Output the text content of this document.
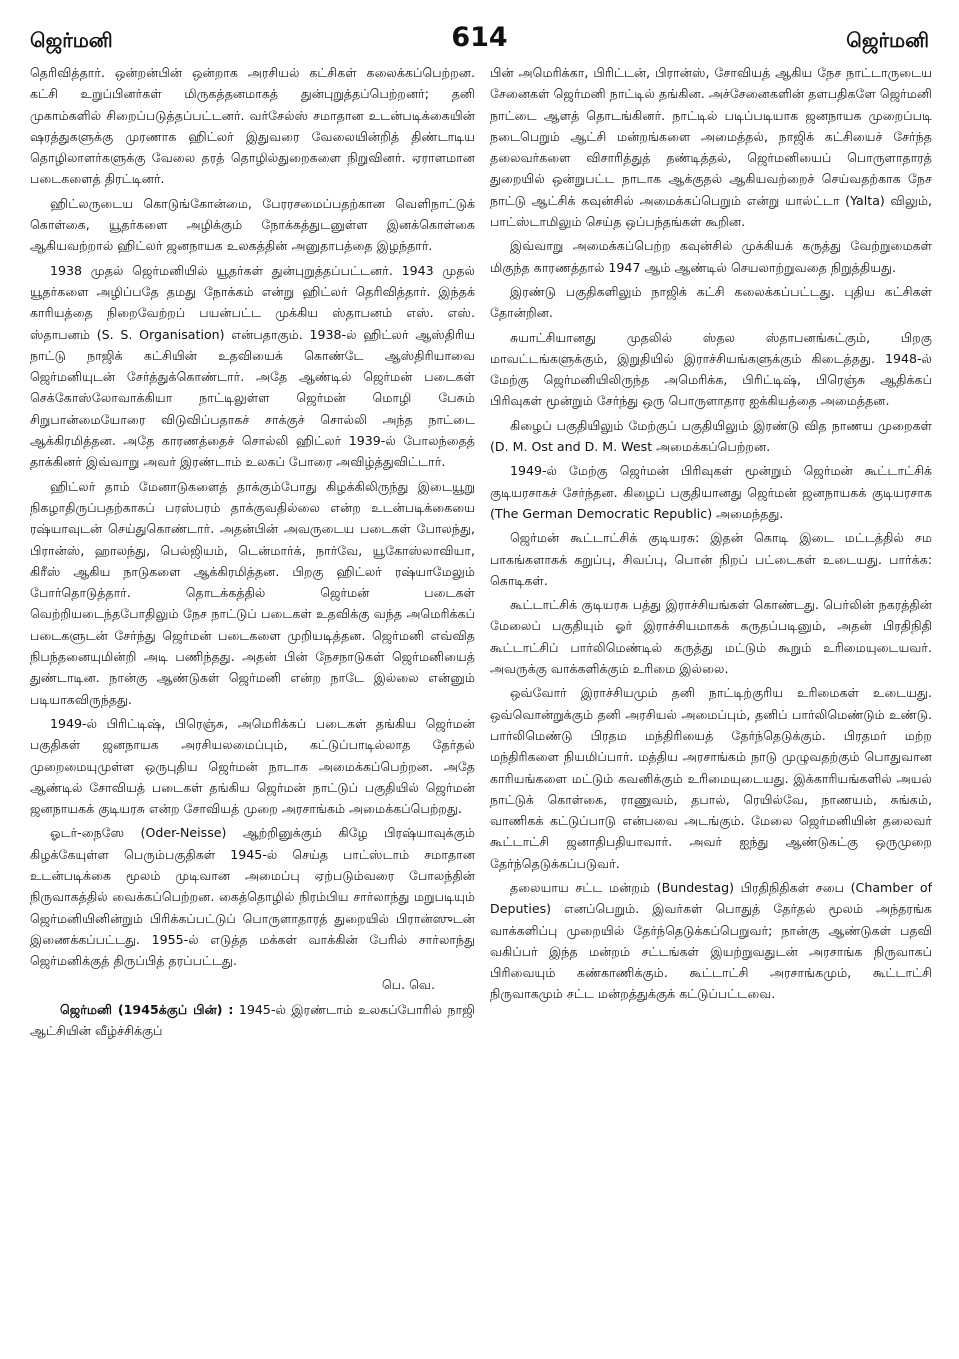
ஜெர்மனி	614	ஜெர்மனி

தெரிவித்தார். ஒன்றன்பின் ஒன்றாக அரசியல் கட்சிகள் கலைக்கப்பெற்றன. கட்சி உறுப்பினர்கள் மிருகத்தனமாகத் துன்புறுத்தப்பெற்றனர்; தனி முகாம்களில் சிறைப்படுத்தப்பட்டனர். வர்சேல்ஸ் சமாதான உடன்படிக்கையின் ஷரத்துகளுக்கு முரணாக ஹிட்லர் இதுவரை வேலையின்றித் திண்டாடிய தொழிலாளர்களுக்கு வேலை தரத் தொழில்துறைகளை நிறுவினர். ஏராளமான படைகளைத் திரட்டினர்.

ஹிட்லருடைய கொடுங்கோன்மை, பேரரசமைப்பதற்கான வெளிநாட்டுக் கொள்கை, யூதர்களை அழிக்கும் நோக்கத்துடனுள்ள இனக்கொள்கை ஆகியவற்றால் ஹிட்லர் ஜனநாயக உலகத்தின் அனுதாபத்தை இழந்தார்.

1938 முதல் ஜெர்மனியில் யூதர்கள் துன்புறுத்தப்பட்டனர். 1943 முதல் யூதர்களை அழிப்பதே தமது நோக்கம் என்று ஹிட்லர் தெரிவித்தார். இந்தக் காரியத்தை நிறைவேற்றப் பயன்பட்ட முக்கிய ஸ்தாபனம் எஸ். எஸ். ஸ்தாபனம் (S. S. Organisation) என்பதாகும். 1938-ல் ஹிட்லர் ஆஸ்திரிய நாட்டு நாஜிக் கட்சியின் உதவியைக் கொண்டே ஆஸ்திரியாவை ஜெர்மனியுடன் சேர்த்துக்கொண்டார். அதே ஆண்டில் ஜெர்மன் படைகள் செக்கோஸ்லோவாக்கியா நாட்டிலுள்ள ஜெர்மன் மொழி பேசும் சிறுபான்மையோரை விடுவிப்பதாகச் சாக்குச் சொல்லி அந்த நாட்டை ஆக்கிரமித்தன. அதே காரணத்தைச் சொல்லி ஹிட்லர் 1939-ல் போலந்தைத் தாக்கினர் இவ்வாறு அவர் இரண்டாம் உலகப் போரை அவிழ்த்துவிட்டார்.

ஹிட்லர் தாம் மேனாடுகளைத் தாக்கும்போது கிழக்கிலிருந்து இடையூறு நிகழாதிருப்பதற்காகப் பரஸ்பரம் தாக்குவதில்லை என்ற உடன்படிக்கையை ரஷ்யாவுடன் செய்துகொண்டார். அதன்பின் அவருடைய படைகள் போலந்து, பிரான்ஸ், ஹாலந்து, பெல்ஜியம், டென்மார்க், நார்வே, யூகோஸ்லாவியா, கிரீஸ் ஆகிய நாடுகளை ஆக்கிரமித்தன. பிறகு ஹிட்லர் ரஷ்யாமேலும் போர்தொடுத்தார். தொடக்கத்தில் ஜெர்மன் படைகள் வெற்றியடைந்தபோதிலும் நேச நாட்டுப் படைகள் உதவிக்கு வந்த அமெரிக்கப் படைகளுடன் சேர்ந்து ஜெர்மன் படைகளை முறியடித்தன. ஜெர்மனி எவ்வித நிபந்தனையுமின்றி அடி பணிந்தது. அதன் பின் நேசநாடுகள் ஜெர்மனியைத் துண்டாடின. நான்கு ஆண்டுகள் ஜெர்மனி என்ற நாடே இல்லை என்னும் படியாகவிருந்தது.

1949-ல் பிரிட்டிஷ், பிரெஞ்சு, அமெரிக்கப் படைகள் தங்கிய ஜெர்மன் பகுதிகள் ஜனநாயக அரசியலமைப்பும், கட்டுப்பாடில்லாத தேர்தல் முறைமையுமுள்ள ஒருபுதிய ஜெர்மன் நாடாக அமைக்கப்பெற்றன. அதே ஆண்டில் சோவியத் படைகள் தங்கிய ஜெர்மன் நாட்டுப் பகுதியில் ஜெர்மன் ஜனநாயகக் குடியரசு என்ற சோவியத் முறை அரசாங்கம் அமைக்கப்பெற்றது.

ஓடர்-நைஸே (Oder-Neisse) ஆற்றினுக்கும் கிழே பிரஷ்யாவுக்கும் கிழக்கேயுள்ள பெரும்பகுதிகள் 1945-ல் செய்த பாட்ஸ்டாம் சமாதான உடன்படிக்கை மூலம் முடிவான அமைப்பு ஏற்படும்வரை போலந்தின் நிருவாகத்தில் வைக்கப்பெற்றன. கைத்தொழில் நிரம்பிய சார்லாந்து மறுபடியும் ஜெர்மனியினின்றும் பிரிக்கப்பட்டுப் பொருளாதாரத் துறையில் பிரான்ஸுடன் இணைக்கப்பட்டது. 1955-ல் எடுத்த மக்கள் வாக்கின் பேரில் சார்லாந்து ஜெர்மனிக்குத் திருப்பித் தரப்பட்டது.

பெ. வெ.

ஜெர்மனி (1945க்குப் பின்) : 1945-ல் இரண்டாம் உலகப்போரில் நாஜி ஆட்சியின் வீழ்ச்சிக்குப்

பின் அமெரிக்கா, பிரிட்டன், பிரான்ஸ், சோவியத் ஆகிய நேச நாட்டாருடைய சேனைகள் ஜெர்மனி நாட்டில் தங்கின. அச்சேனைகளின் தளபதிகளே ஜெர்மனி நாட்டை ஆளத் தொடங்கினர். நாட்டில் படிப்படியாக ஜனநாயக முறைப்படி நடைபெறும் ஆட்சி மன்றங்களை அமைத்தல், நாஜிக் கட்சியைச் சேர்ந்த தலைவர்களை விசாரித்துத் தண்டித்தல், ஜெர்மனியைப் பொருளாதாரத் துறையில் ஒன்றுபட்ட நாடாக ஆக்குதல் ஆகியவற்றைச் செய்வதற்காக நேச நாட்டு ஆட்சிக் கவுன்சில் அமைக்கப்பெறும் என்று யால்ட்டா (Yalta) விலும், பாட்ஸ்டாமிலும் செய்த ஒப்பந்தங்கள் கூறின.

இவ்வாறு அமைக்கப்பெற்ற கவுன்சில் முக்கியக் கருத்து வேற்றுமைகள் மிகுந்த காரணத்தால் 1947 ஆம் ஆண்டில் செயலாற்றுவதை நிறுத்தியது.

இரண்டு பகுதிகளிலும் நாஜிக் கட்சி கலைக்கப்பட்டது. புதிய கட்சிகள் தோன்றின.

சுயாட்சியானது முதலில் ஸ்தல ஸ்தாபனங்கட்கும், பிறகு மாவட்டங்களுக்கும், இறுதியில் இராச்சியங்களுக்கும் கிடைத்தது. 1948-ல் மேற்கு ஜெர்மனியிலிருந்த அமெரிக்க, பிரிட்டிஷ், பிரெஞ்சு ஆதிக்கப் பிரிவுகள் மூன்றும் சேர்ந்து ஒரு பொருளாதார ஐக்கியத்தை அமைத்தன.

கிழைப் பகுதியிலும் மேற்குப் பகுதியிலும் இரண்டு வித நாணய முறைகள் (D. M. Ost and D. M. West அமைக்கப்பெற்றன.

1949-ல் மேற்கு ஜெர்மன் பிரிவுகள் மூன்றும் ஜெர்மன் கூட்டாட்சிக் குடியரசாகச் சேர்ந்தன. கிழைப் பகுதியானது ஜெர்மன் ஜனநாயகக் குடியரசாக (The German Democratic Republic) அமைந்தது.

ஜெர்மன் கூட்டாட்சிக் குடியரசு: இதன் கொடி இடை மட்டத்தில் சம பாகங்களாகக் கறுப்பு, சிவப்பு, பொன் நிறப் பட்டைகள் உடையது. பார்க்க: கொடிகள்.

கூட்டாட்சிக் குடியரசு பத்து இராச்சியங்கள் கொண்டது. பெர்லின் நகரத்தின் மேலைப் பகுதியும் ஓர் இராச்சியமாகக் கருதப்படினும், அதன் பிரதிநிதி கூட்டாட்சிப் பார்லிமெண்டில் கருத்து மட்டும் கூறும் உரிமையுடையவர். அவருக்கு வாக்களிக்கும் உரிமை இல்லை.

ஒவ்வோர் இராச்சியமும் தனி நாட்டிற்குரிய உரிமைகள் உடையது. ஒவ்வொன்றுக்கும் தனி அரசியல் அமைப்பும், தனிப் பார்லிமெண்டும் உண்டு. பார்லிமெண்டு பிரதம மந்திரியைத் தேர்ந்தெடுக்கும். பிரதமர் மற்ற மந்திரிகளை நியமிப்பார். மத்திய அரசாங்கம் நாடு முழுவதற்கும் பொதுவான காரியங்களை மட்டும் கவனிக்கும் உரிமையுடையது. இக்காரியங்களில் அயல் நாட்டுக் கொள்கை, ராணுவம், தபால், ரெயில்வே, நாணயம், சுங்கம், வாணிகக் கட்டுப்பாடு என்பவை அடங்கும். மேலை ஜெர்மனியின் தலைவர் கூட்டாட்சி ஜனாதிபதியாவார். அவர் ஐந்து ஆண்டுகட்கு ஒருமுறை தேர்ந்தெடுக்கப்படுவர்.

தலையாய சட்ட மன்றம் (Bundestag) பிரதிநிதிகள் சபை (Chamber of Deputies) எனப்பெறும். இவர்கள் பொதுத் தேர்தல் மூலம் அந்தரங்க வாக்களிப்பு முறையில் தேர்ந்தெடுக்கப்பெறுவர்; நான்கு ஆண்டுகள் பதவி வகிப்பர் இந்த மன்றம் சட்டங்கள் இயற்றுவதுடன் அரசாங்க நிருவாகப் பிரிவையும் கண்காணிக்கும். கூட்டாட்சி அரசாங்கமும், கூட்டாட்சி நிருவாகமும் சட்ட மன்றத்துக்குக் கட்டுப்பட்டவை.
